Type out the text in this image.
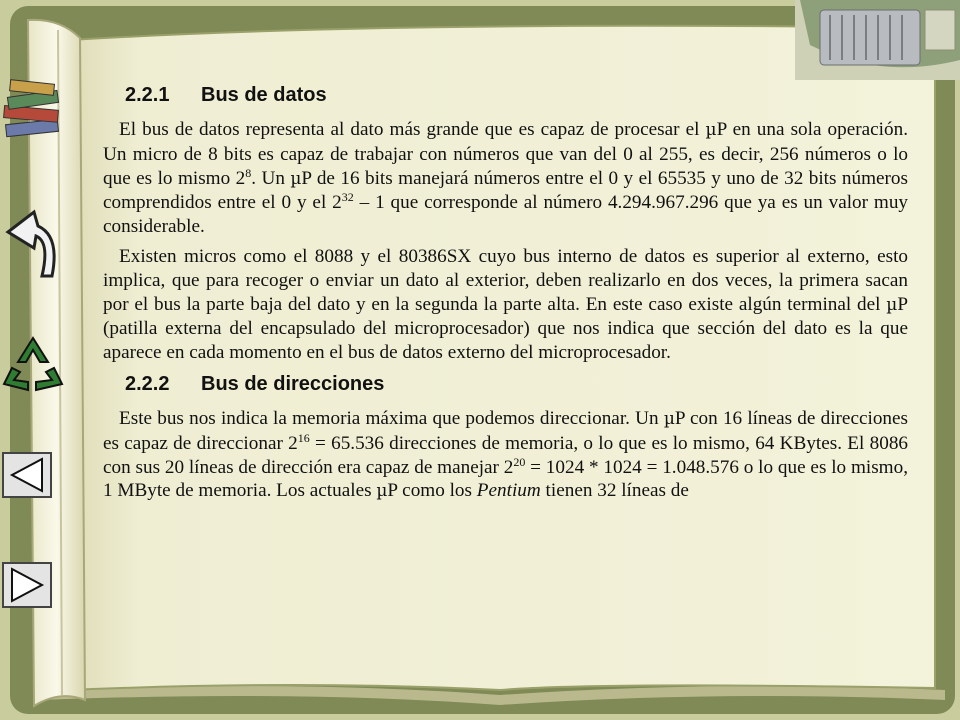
2.2.1 Bus de datos

El bus de datos representa al dato más grande que es capaz de procesar el µP en una sola operación. Un micro de 8 bits es capaz de trabajar con números que van del 0 al 255, es decir, 256 números o lo que es lo mismo $2^8$. Un µP de 16 bits manejará números entre el 0 y el 65535 y uno de 32 bits números comprendidos entre el 0 y el $2^{32} - 1$ que corresponde al número 4.294.967.296 que ya es un valor muy considerable.

Existen micros como el 8088 y el 80386SX cuyo bus interno de datos es superior al externo, esto implica, que para recoger o enviar un dato al exterior, deben realizarlo en dos veces, la primera sacan por el bus la parte baja del dato y en la segunda la parte alta. En este caso existe algún terminal del µP (patilla externa del encapsulado del microprocesador) que nos indica que sección del dato es la que aparece en cada momento en el bus de datos externo del microprocesador.

2.2.2 Bus de direcciones

Este bus nos indica la memoria máxima que podemos direccionar. Un µP con 16 líneas de direcciones es capaz de direccionar $2^{16} = 65.536$ direcciones de memoria, o lo que es lo mismo, 64 KBytes. El 8086 con sus 20 líneas de dirección era capaz de manejar $2^{20} = 1024 * 1024 = 1.048.576$ o lo que es lo mismo, 1 MByte de memoria. Los actuales µP como los Pentium tienen 32 líneas de
